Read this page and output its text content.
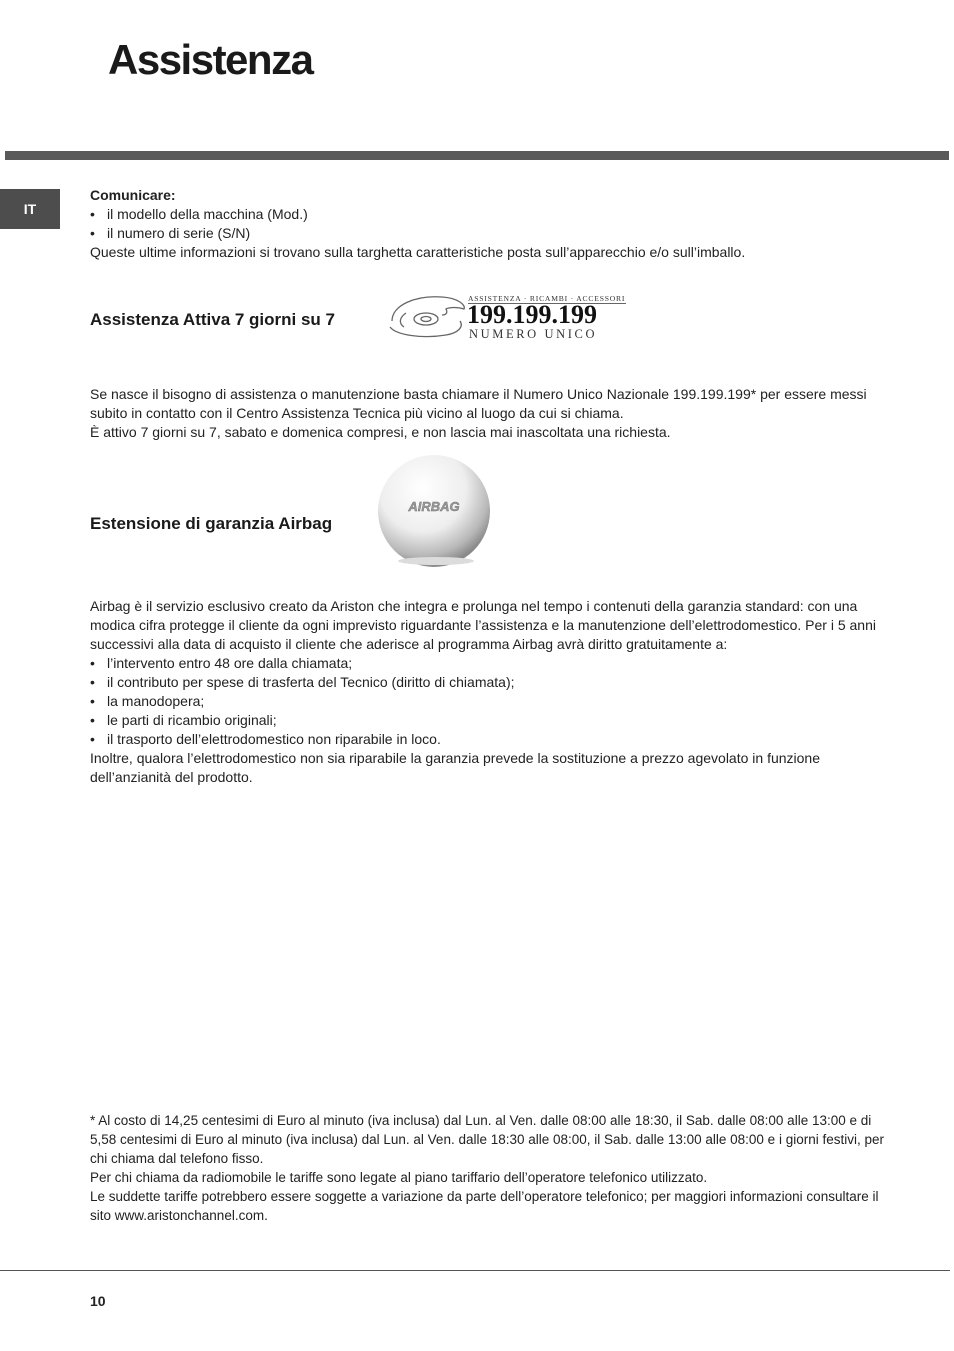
Assistenza
IT

Comunicare:

• il modello della macchina (Mod.)
• il numero di serie (S/N)

Queste ultime informazioni si trovano sulla targhetta caratteristiche posta sull’apparecchio e/o sull’imballo.

Assistenza Attiva 7 giorni su 7
ASSISTENZA · RICAMBI · ACCESSORI
199.199.199
NUMERO UNICO

Se nasce il bisogno di assistenza o manutenzione basta chiamare il Numero Unico Nazionale 199.199.199* per essere messi subito in contatto con il Centro Assistenza Tecnica più vicino al luogo da cui si chiama.

È attivo 7 giorni su 7, sabato e domenica compresi, e non lascia mai inascoltata una richiesta.

Estensione di garanzia Airbag
AIRBAG

Airbag è il servizio esclusivo creato da Ariston che integra e prolunga nel tempo i contenuti della garanzia standard: con una modica cifra protegge il cliente da ogni imprevisto riguardante l’assistenza e la manutenzione dell’elettrodomestico. Per i 5 anni successivi alla data di acquisto il cliente che aderisce al programma Airbag avrà diritto gratuitamente a:

• l’intervento entro 48 ore dalla chiamata;
• il contributo per spese di trasferta del Tecnico (diritto di chiamata);
• la manodopera;
• le parti di ricambio originali;
• il trasporto dell’elettrodomestico non riparabile in loco.

Inoltre, qualora l’elettrodomestico non sia riparabile la garanzia prevede la sostituzione a prezzo agevolato in funzione dell’anzianità del prodotto.

* Al costo di 14,25 centesimi di Euro al minuto (iva inclusa) dal Lun. al Ven. dalle 08:00 alle 18:30, il Sab. dalle 08:00 alle 13:00 e di 5,58 centesimi di Euro al minuto (iva inclusa) dal Lun. al Ven. dalle 18:30 alle 08:00, il Sab. dalle 13:00 alle 08:00 e i giorni festivi, per chi chiama dal telefono fisso.

Per chi chiama da radiomobile le tariffe sono legate al piano tariffario dell’operatore telefonico utilizzato.

Le suddette tariffe potrebbero essere soggette a variazione da parte dell’operatore telefonico; per maggiori informazioni consultare il sito www.aristonchannel.com.

10
